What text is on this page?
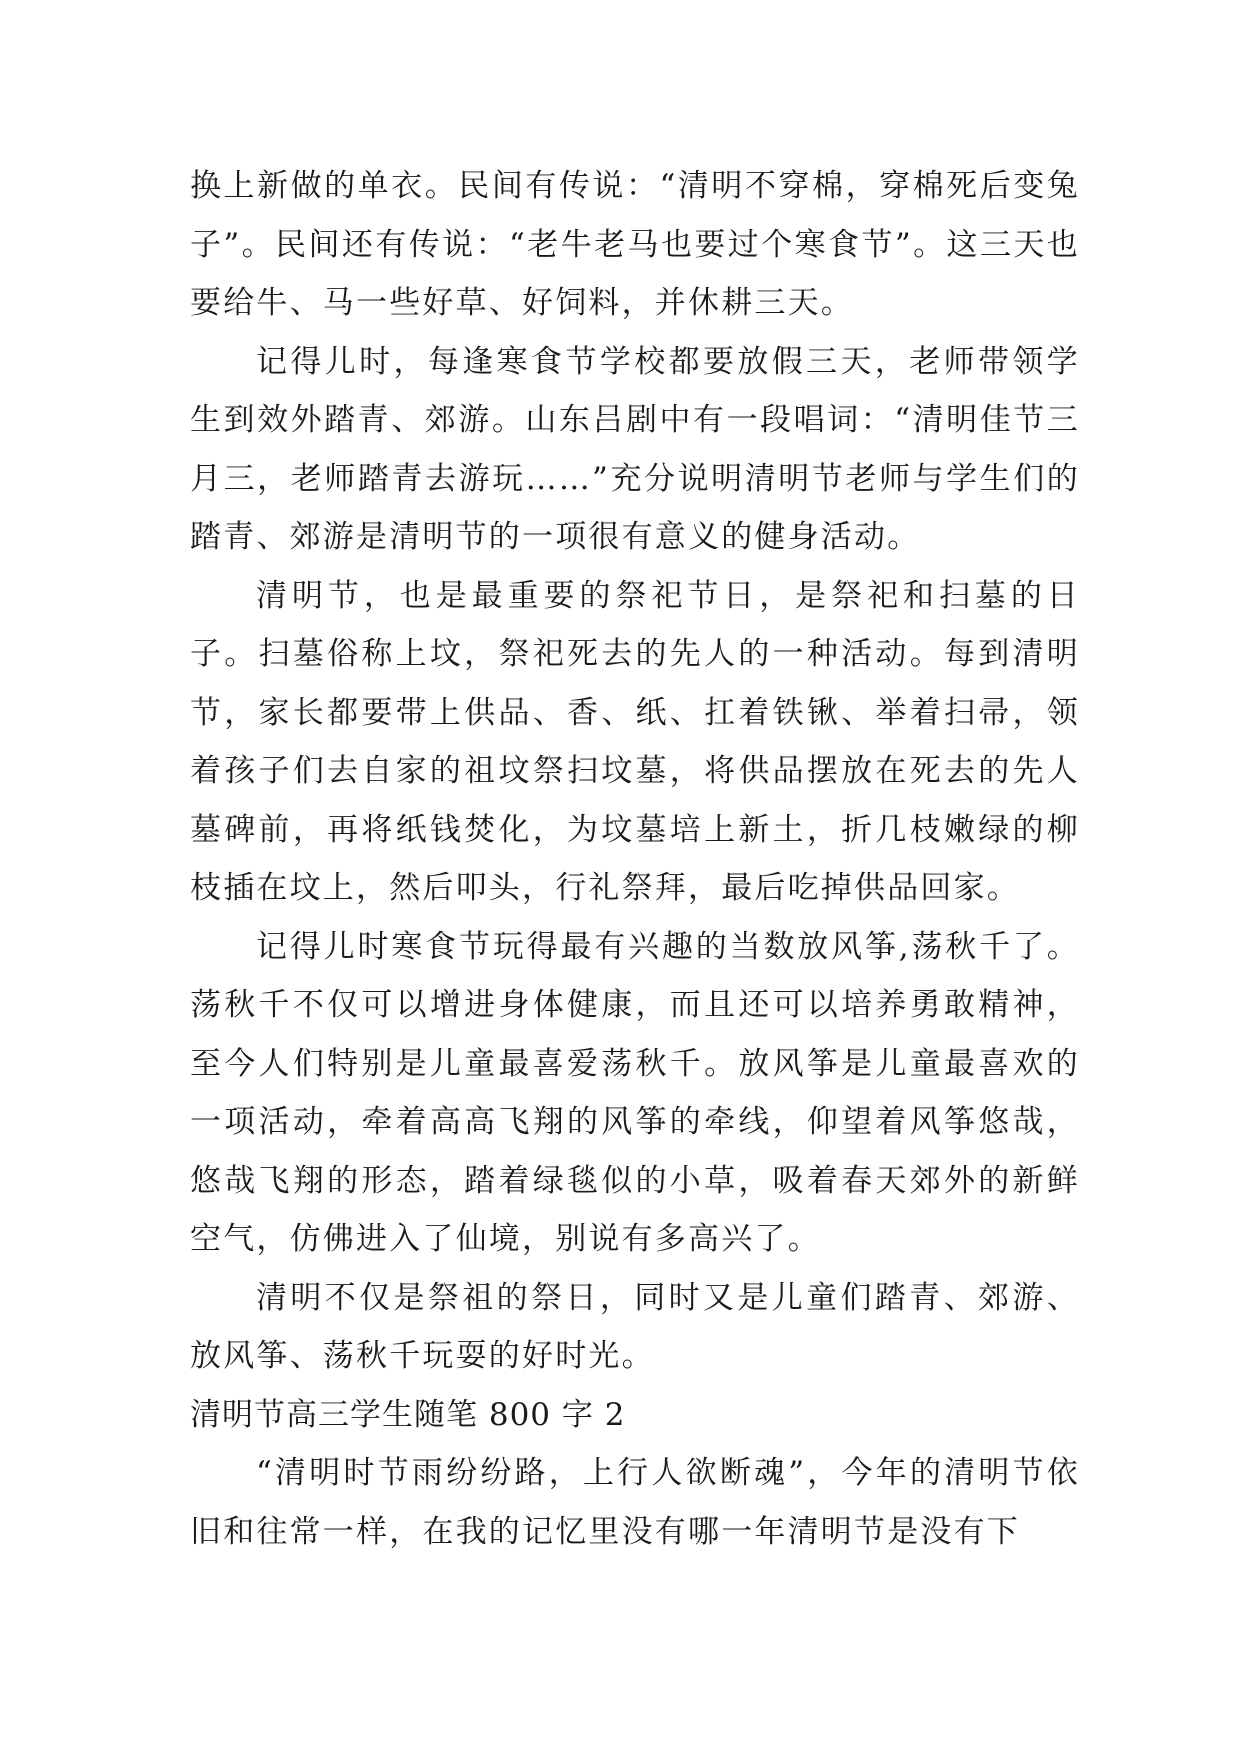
换上新做的单衣。民间有传说：“清明不穿棉，穿棉死后变兔子”。民间还有传说：“老牛老马也要过个寒食节”。这三天也要给牛、马一些好草、好饲料，并休耕三天。

记得儿时，每逢寒食节学校都要放假三天，老师带领学生到效外踏青、郊游。山东吕剧中有一段唱词：“清明佳节三月三，老师踏青去游玩……”充分说明清明节老师与学生们的踏青、郊游是清明节的一项很有意义的健身活动。

清明节，也是最重要的祭祀节日，是祭祀和扫墓的日子。扫墓俗称上坟，祭祀死去的先人的一种活动。每到清明节，家长都要带上供品、香、纸、扛着铁锹、举着扫帚，领着孩子们去自家的祖坟祭扫坟墓，将供品摆放在死去的先人墓碑前，再将纸钱焚化，为坟墓培上新土，折几枝嫩绿的柳枝插在坟上，然后叩头，行礼祭拜，最后吃掉供品回家。

记得儿时寒食节玩得最有兴趣的当数放风筝,荡秋千了。荡秋千不仅可以增进身体健康，而且还可以培养勇敢精神，至今人们特别是儿童最喜爱荡秋千。放风筝是儿童最喜欢的一项活动，牵着高高飞翔的风筝的牵线，仰望着风筝悠哉，悠哉飞翔的形态，踏着绿毯似的小草，吸着春天郊外的新鲜空气，仿佛进入了仙境，别说有多高兴了。

清明不仅是祭祖的祭日，同时又是儿童们踏青、郊游、放风筝、荡秋千玩耍的好时光。

清明节高三学生随笔 800 字 2

“清明时节雨纷纷路，上行人欲断魂”，今年的清明节依旧和往常一样，在我的记忆里没有哪一年清明节是没有下
